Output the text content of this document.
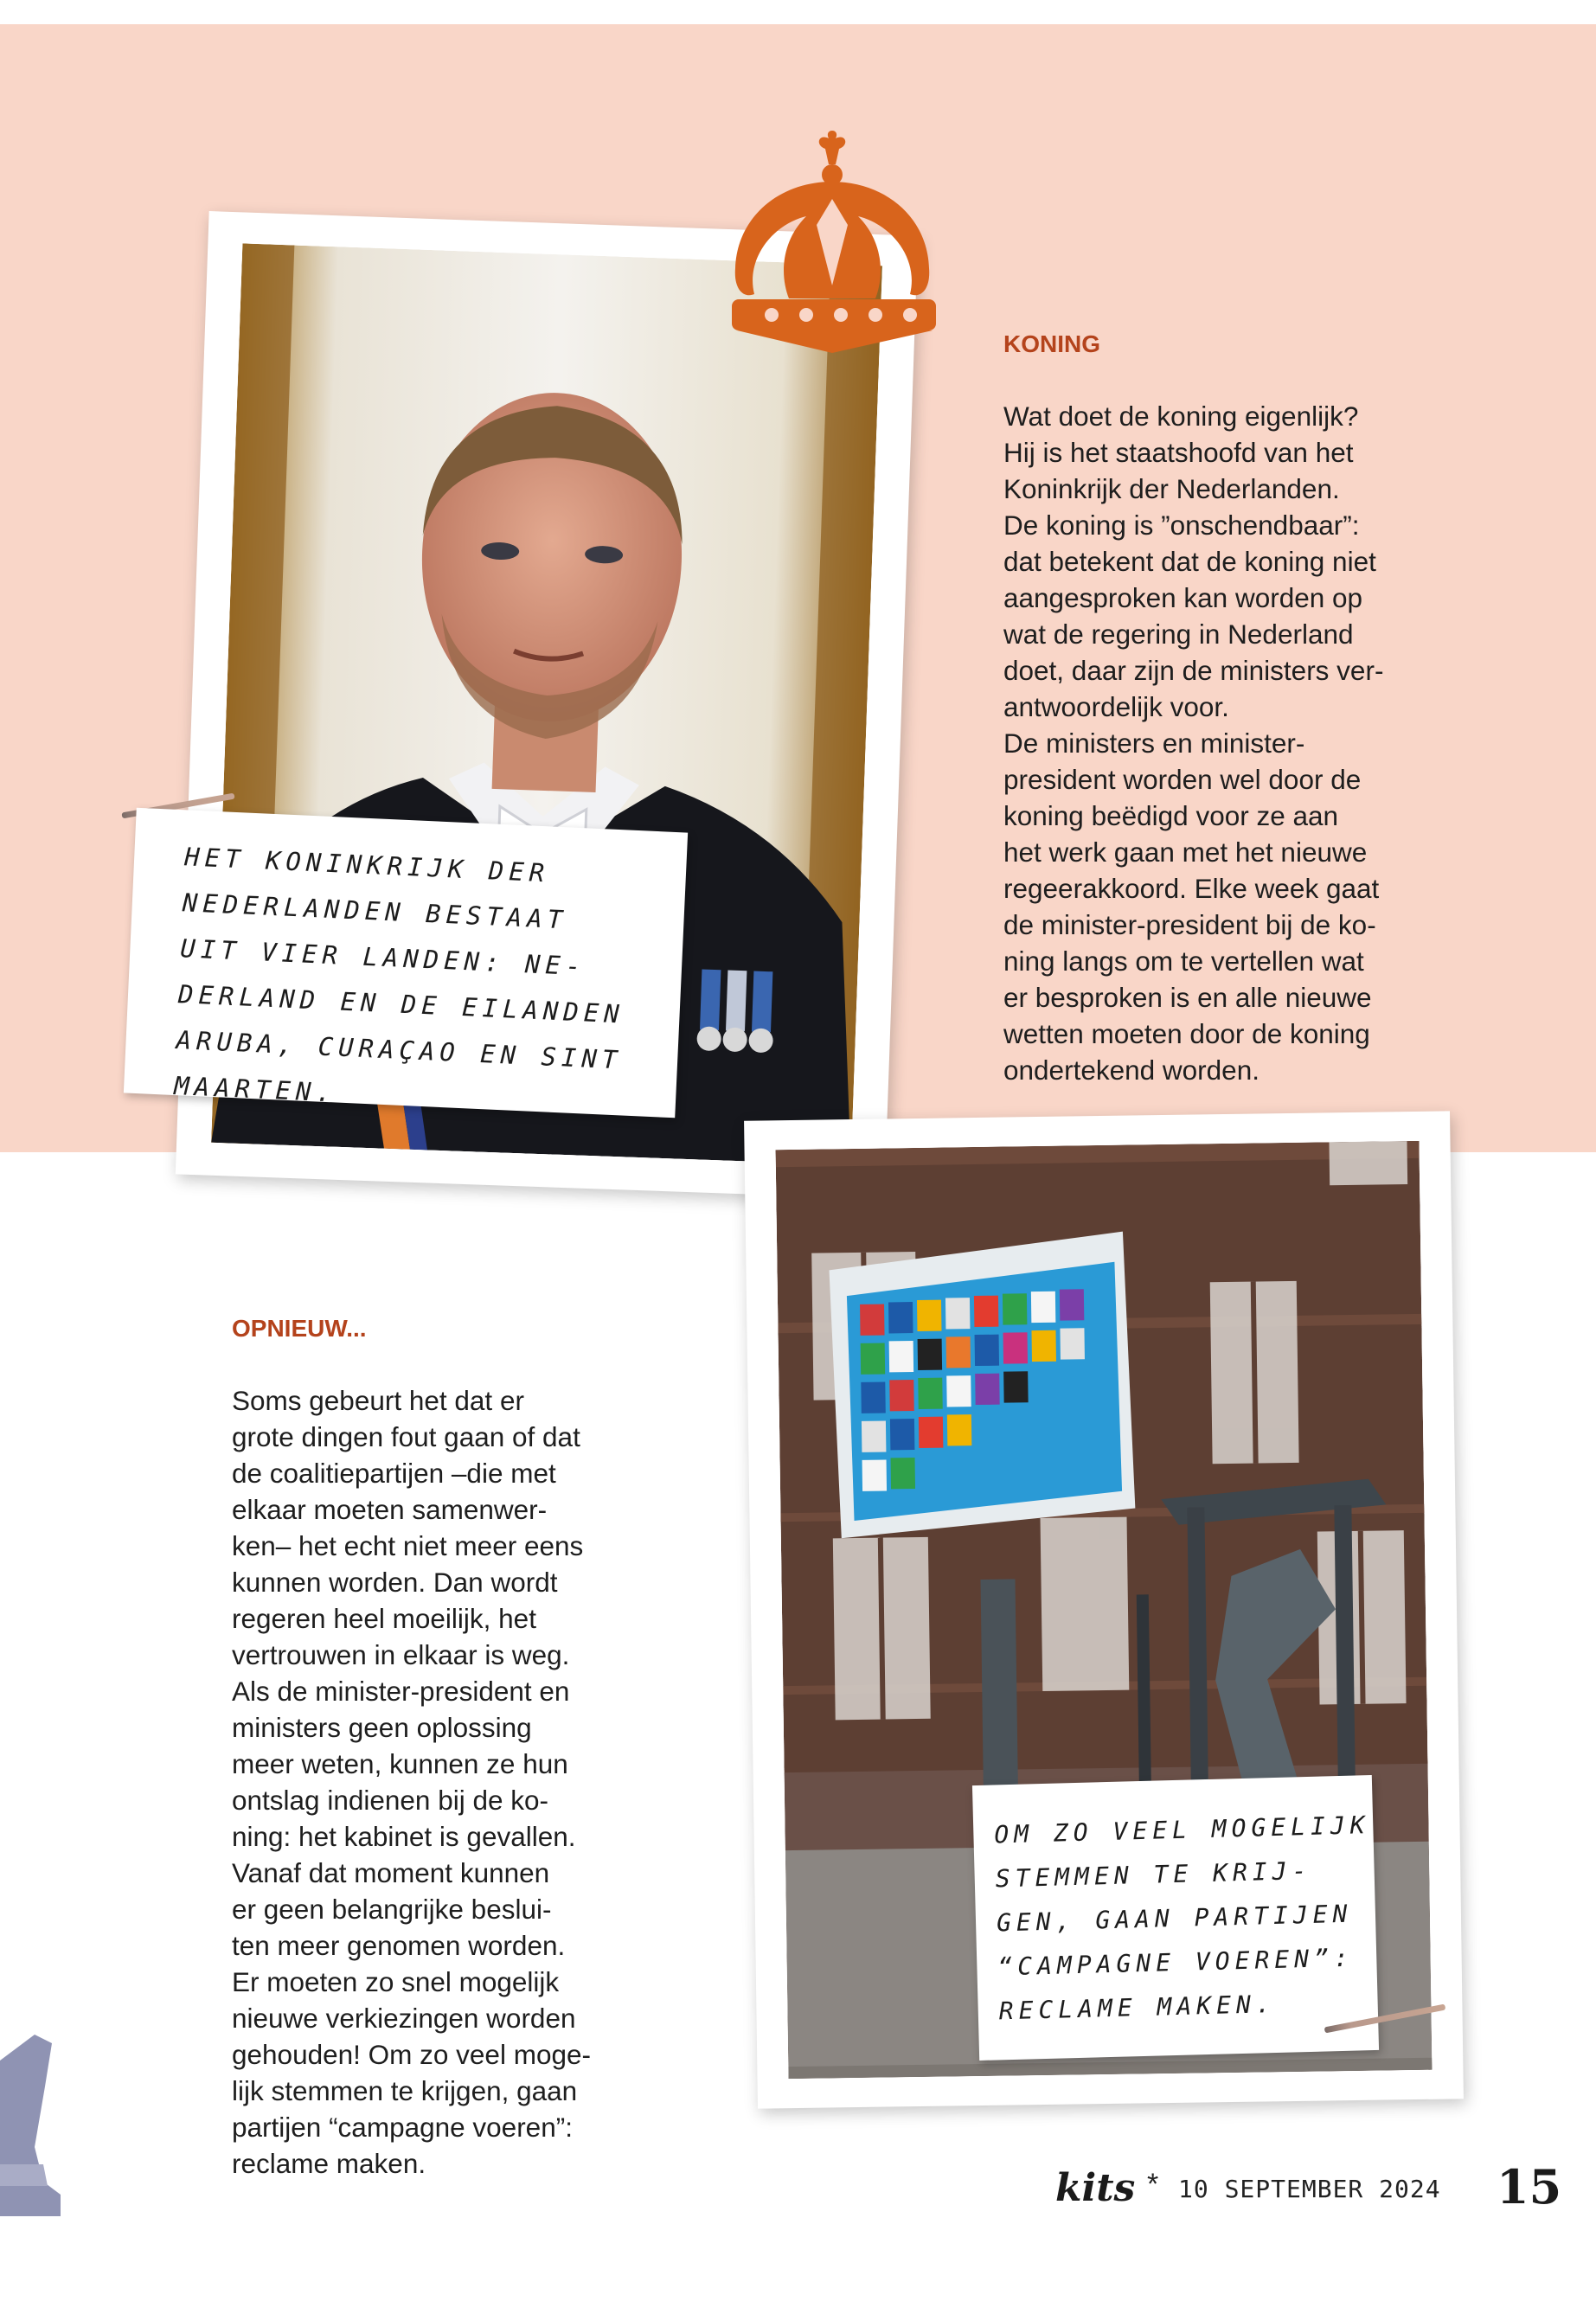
HET KONINKRIJK DER
NEDERLANDEN BESTAAT
UIT VIER LANDEN: NE-
DERLAND EN DE EILANDEN
ARUBA, CURAÇAO EN SINT
MAARTEN.

KONING

Wat doet de koning eigenlijk?
Hij is het staatshoofd van het
Koninkrijk der Nederlanden.
De koning is ”onschendbaar”:
dat betekent dat de koning niet
aangesproken kan worden op
wat de regering in Nederland
doet, daar zijn de ministers ver-
antwoordelijk voor.
De ministers en minister-
president worden wel door de
koning beëdigd voor ze aan
het werk gaan met het nieuwe
regeerakkoord. Elke week gaat
de minister-president bij de ko-
ning langs om te vertellen wat
er besproken is en alle nieuwe
wetten moeten door de koning
ondertekend worden.

OM ZO VEEL MOGELIJK
STEMMEN TE KRIJ-
GEN, GAAN PARTIJEN
“CAMPAGNE VOEREN”:
RECLAME MAKEN.

OPNIEUW...

Soms gebeurt het dat er
grote dingen fout gaan of dat
de coalitiepartijen –die met
elkaar moeten samenwer-
ken– het echt niet meer eens
kunnen worden. Dan wordt
regeren heel moeilijk, het
vertrouwen in elkaar is weg.
Als de minister-president en
ministers geen oplossing
meer weten, kunnen ze hun
ontslag indienen bij de ko-
ning: het kabinet is gevallen.
Vanaf dat moment kunnen
er geen belangrijke beslui-
ten meer genomen worden.
Er moeten zo snel mogelijk
nieuwe verkiezingen worden
gehouden! Om zo veel moge-
lijk stemmen te krijgen, gaan
partijen “campagne voeren”:
reclame maken.

kits * 10 SEPTEMBER 2024 15
